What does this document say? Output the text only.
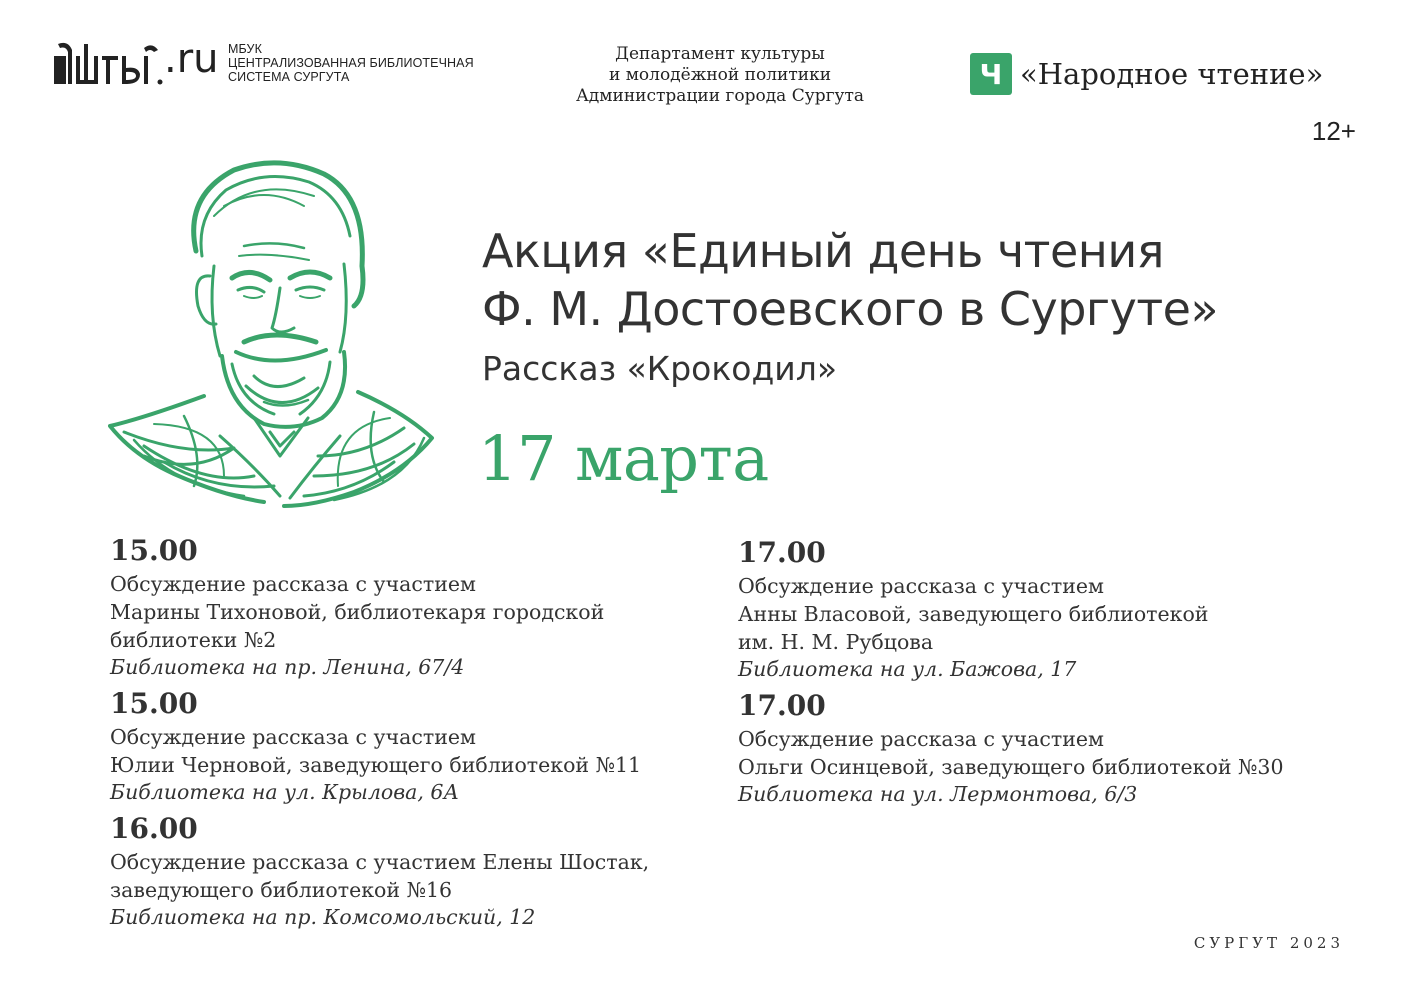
.ru МБУК
ЦЕНТРАЛИЗОВАННАЯ БИБЛИОТЕЧНАЯ
СИСТЕМА СУРГУТА
Департамент культуры
и молодёжной политики
Администрации города Сургута
Ч «Народное чтение»
12+
Акция «Единый день чтения
Ф. М. Достоевского в Сургуте»
Рассказ «Крокодил»
17 марта
15.00
Обсуждение рассказа с участием
Марины Тихоновой, библиотекаря городской
библиотеки №2
Библиотека на пр. Ленина, 67/4
15.00
Обсуждение рассказа с участием
Юлии Черновой, заведующего библиотекой №11
Библиотека на ул. Крылова, 6А
16.00
Обсуждение рассказа с участием Елены Шостак,
заведующего библиотекой №16
Библиотека на пр. Комсомольский, 12
17.00
Обсуждение рассказа с участием
Анны Власовой, заведующего библиотекой
им. Н. М. Рубцова
Библиотека на ул. Бажова, 17
17.00
Обсуждение рассказа с участием
Ольги Осинцевой, заведующего библиотекой №30
Библиотека на ул. Лермонтова, 6/3
СУРГУТ 2023
